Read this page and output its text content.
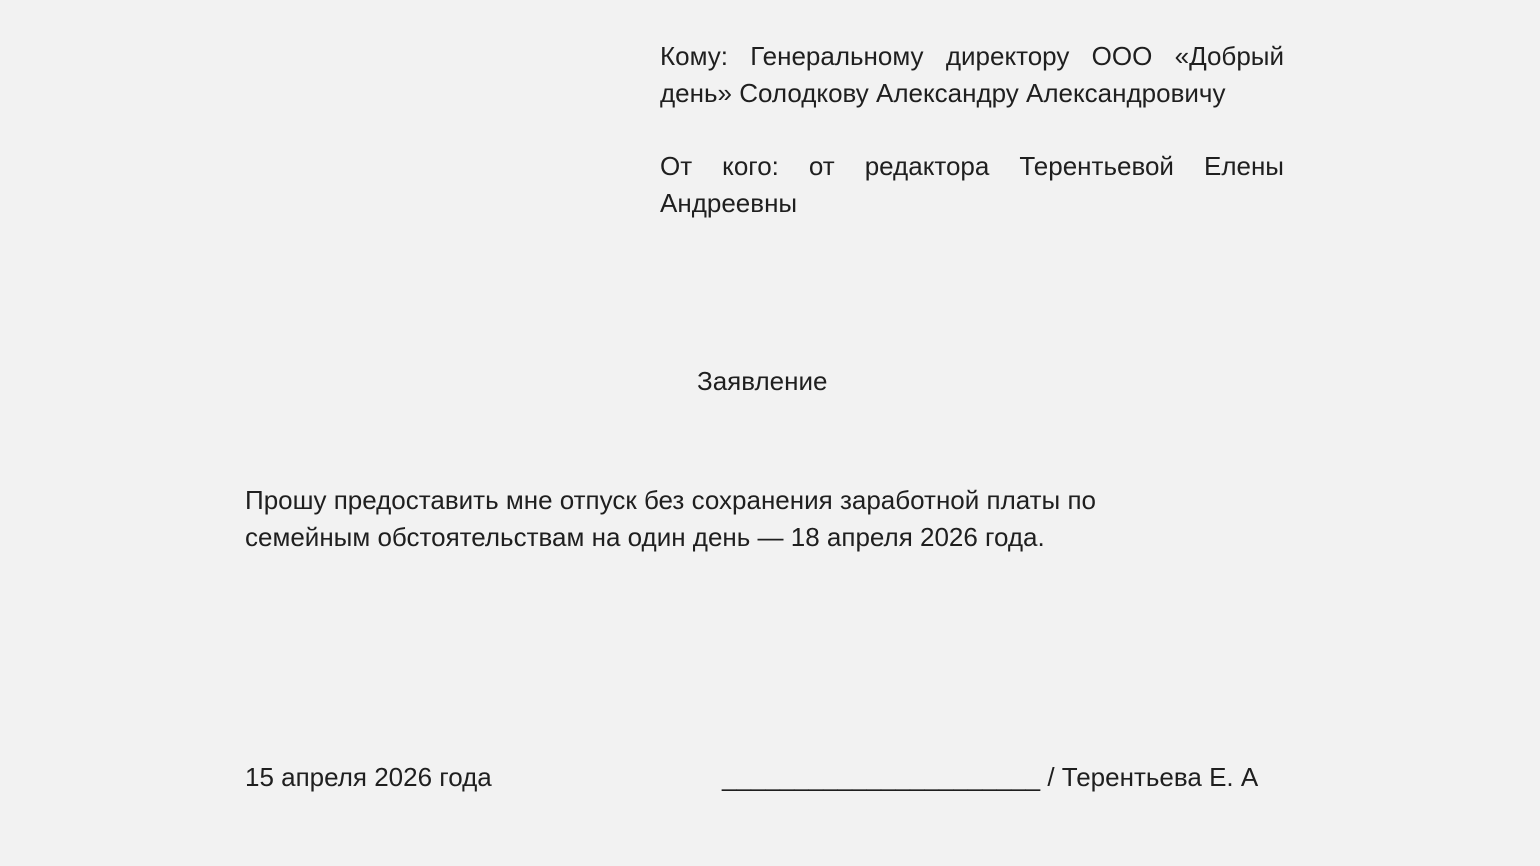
Кому: Генеральному директору ООО «Добрый день» Солодкову Александру Александровичу
От кого: от редактора Терентьевой Елены Андреевны
Заявление
Прошу предоставить мне отпуск без сохранения заработной платы по семейным обстоятельствам на один день — 18 апреля 2026 года.
15 апреля 2026 года	______________________ / Терентьева Е. А
